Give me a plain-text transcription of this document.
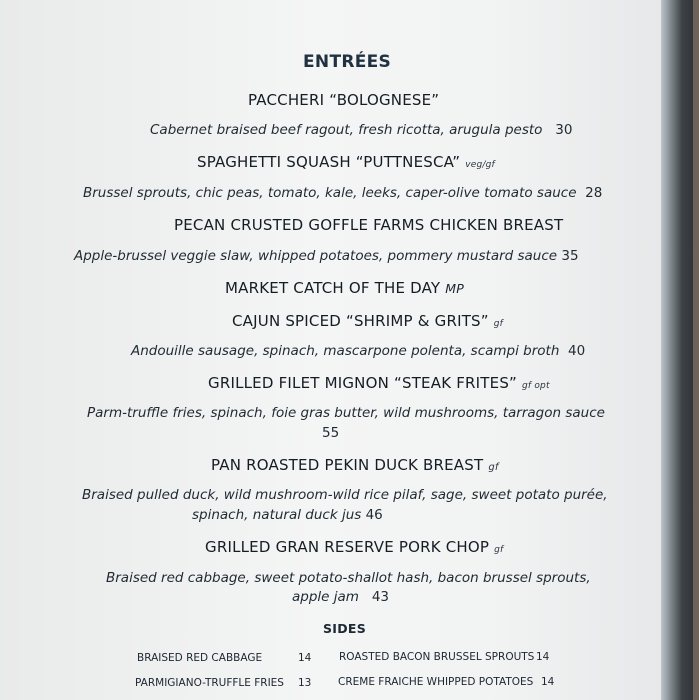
ENTRÉES
PACCHERI “BOLOGNESE”
Cabernet braised beef ragout, fresh ricotta, arugula pesto 30
SPAGHETTI SQUASH “PUTTNESCA” veg/gf
Brussel sprouts, chic peas, tomato, kale, leeks, caper-olive tomato sauce 28
PECAN CRUSTED GOFFLE FARMS CHICKEN BREAST
Apple-brussel veggie slaw, whipped potatoes, pommery mustard sauce 35
MARKET CATCH OF THE DAY MP
CAJUN SPICED “SHRIMP & GRITS” gf
Andouille sausage, spinach, mascarpone polenta, scampi broth 40
GRILLED FILET MIGNON “STEAK FRITES” gf opt
Parm-truffle fries, spinach, foie gras butter, wild mushrooms, tarragon sauce
55
PAN ROASTED PEKIN DUCK BREAST gf
Braised pulled duck, wild mushroom-wild rice pilaf, sage, sweet potato purée,
spinach, natural duck jus 46
GRILLED GRAN RESERVE PORK CHOP gf
Braised red cabbage, sweet potato-shallot hash, bacon brussel sprouts,
apple jam 43
SIDES
BRAISED RED CABBAGE	14	ROASTED BACON BRUSSEL SPROUTS 14
PARMIGIANO-TRUFFLE FRIES 13	CREME FRAICHE WHIPPED POTATOES 14
